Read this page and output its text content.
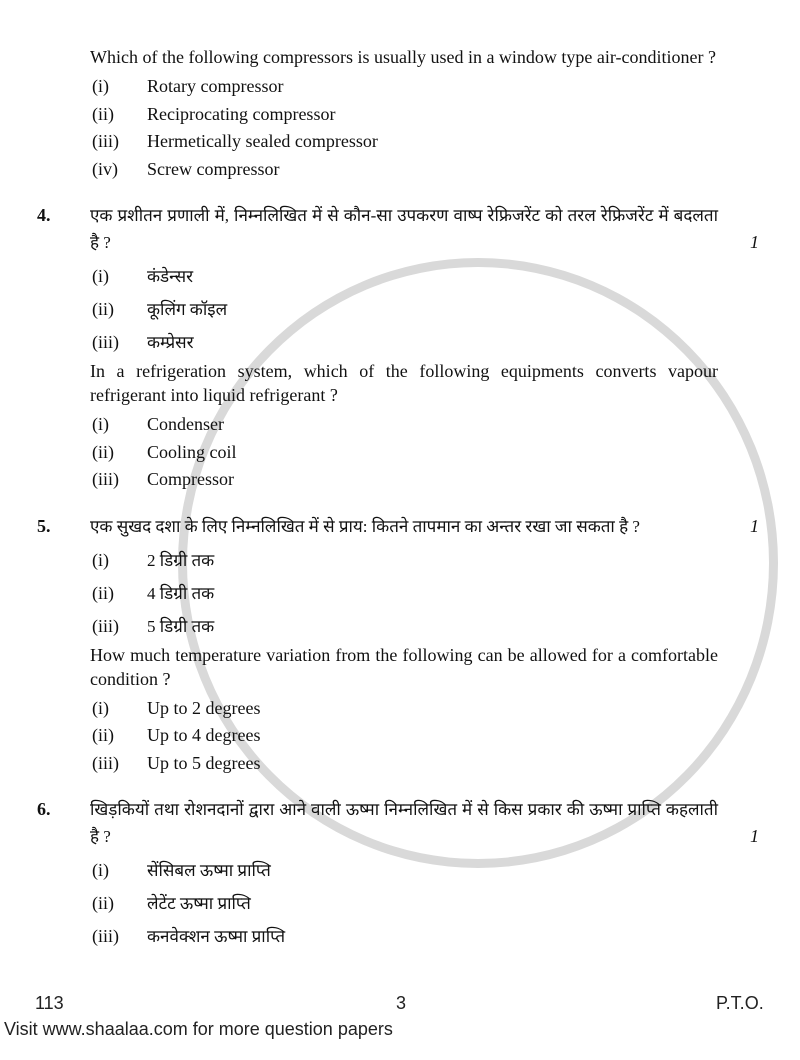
Which of the following compressors is usually used in a window type air-conditioner ?
(i)	Rotary compressor
(ii)	Reciprocating compressor
(iii)	Hermetically sealed compressor
(iv)	Screw compressor
4.	एक प्रशीतन प्रणाली में, निम्नलिखित में से कौन-सा उपकरण वाष्प रेफ्रिजरेंट को तरल रेफ्रिजरेंट में बदलता है ?	1
(i)	कंडेन्सर
(ii)	कूलिंग कॉइल
(iii)	कम्प्रेसर
In a refrigeration system, which of the following equipments converts vapour refrigerant into liquid refrigerant ?
(i)	Condenser
(ii)	Cooling coil
(iii)	Compressor
5.	एक सुखद दशा के लिए निम्नलिखित में से प्राय: कितने तापमान का अन्तर रखा जा सकता है ?	1
(i)	2 डिग्री तक
(ii)	4 डिग्री तक
(iii)	5 डिग्री तक
How much temperature variation from the following can be allowed for a comfortable condition ?
(i)	Up to 2 degrees
(ii)	Up to 4 degrees
(iii)	Up to 5 degrees
6.	खिड़कियों तथा रोशनदानों द्वारा आने वाली ऊष्मा निम्नलिखित में से किस प्रकार की ऊष्मा प्राप्ति कहलाती है ?	1
(i)	सेंसिबल ऊष्मा प्राप्ति
(ii)	लेटेंट ऊष्मा प्राप्ति
(iii)	कनवेक्शन ऊष्मा प्राप्ति
113	3	P.T.O.
Visit www.shaalaa.com for more question papers
